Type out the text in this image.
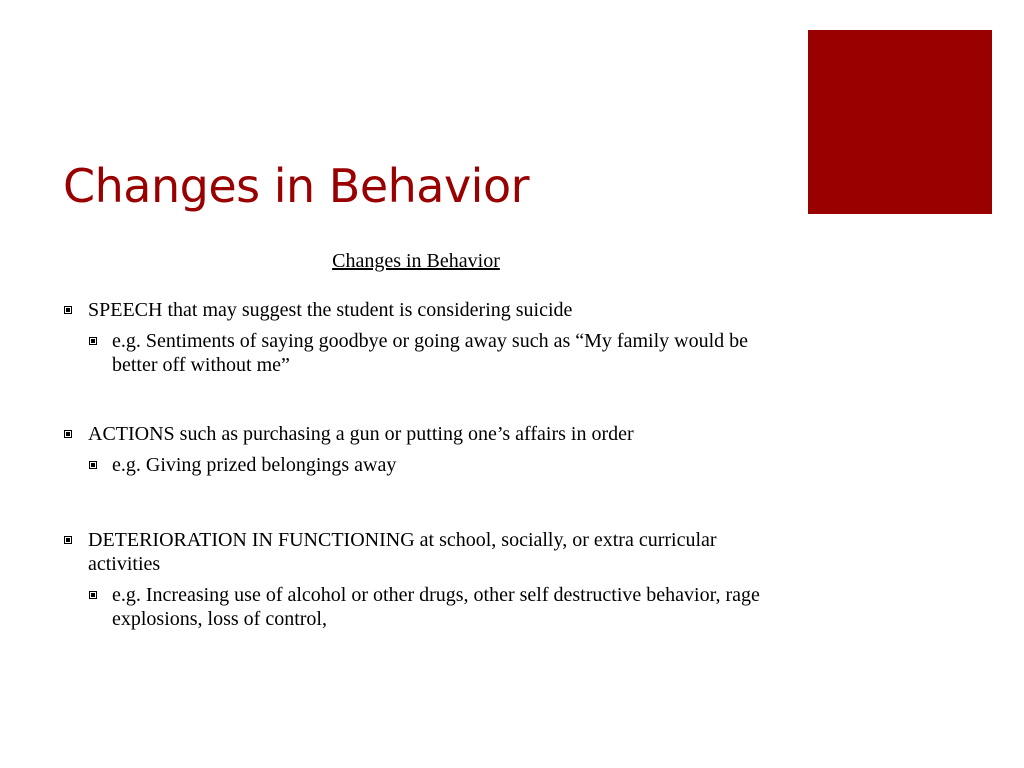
Changes in Behavior
Changes in Behavior
SPEECH that may suggest the student is considering suicide
e.g. Sentiments of saying goodbye or going away such as “My family would be better off without me”
ACTIONS such as purchasing a gun or putting one’s affairs in order
e.g. Giving prized belongings away
DETERIORATION IN FUNCTIONING at school, socially, or extra curricular activities
e.g. Increasing use of alcohol or other drugs, other self destructive behavior, rage explosions, loss of control,
